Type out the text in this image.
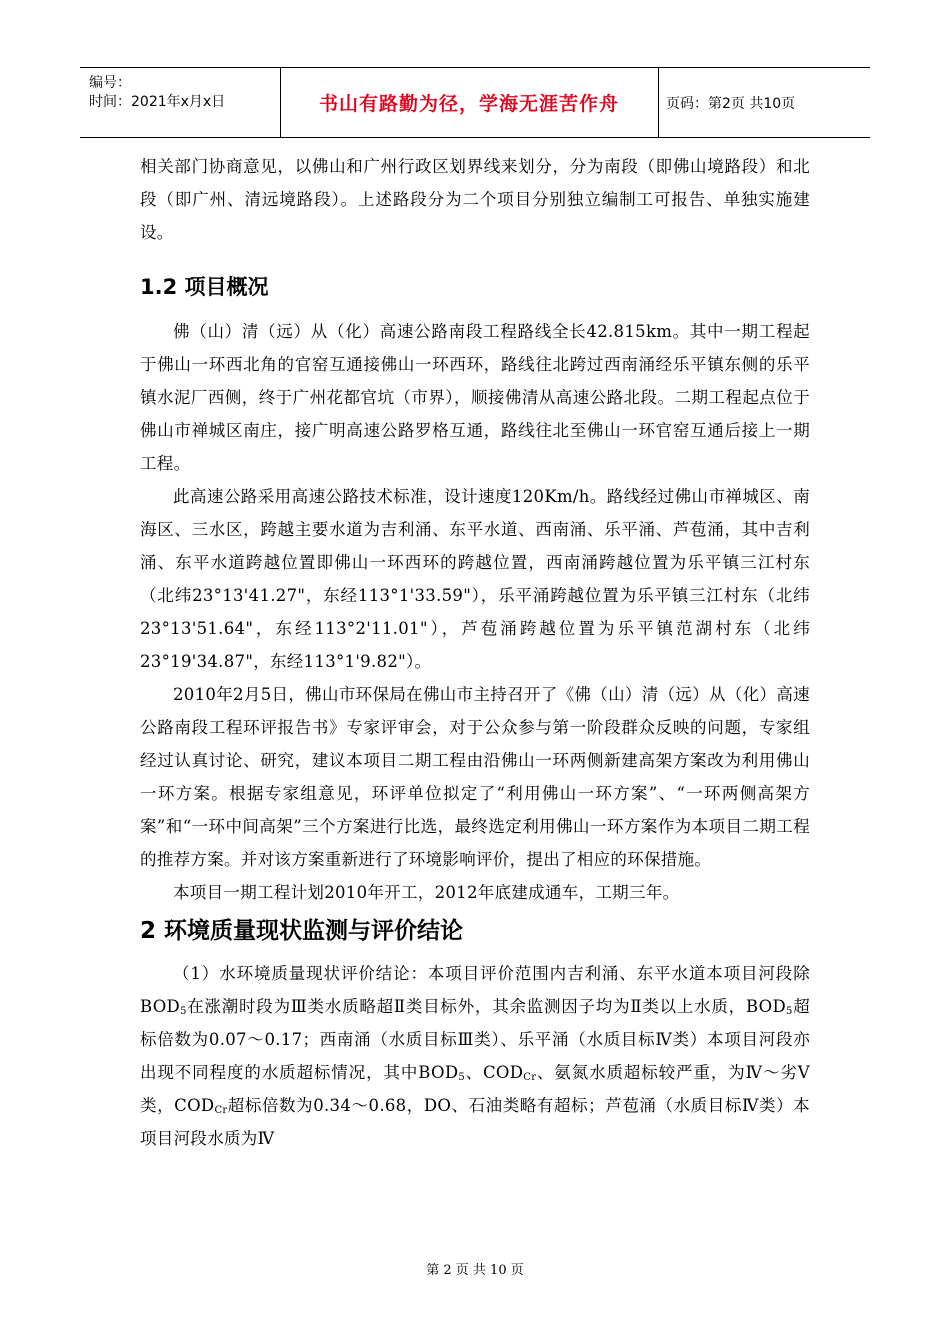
编号：
时间：2021年x月x日	书山有路勤为径，学海无涯苦作舟	页码：第2页 共10页

相关部门协商意见，以佛山和广州行政区划界线来划分，分为南段（即佛山境路段）和北段（即广州、清远境路段）。上述路段分为二个项目分别独立编制工可报告、单独实施建设。

1.2 项目概况

佛（山）清（远）从（化）高速公路南段工程路线全长42.815km。其中一期工程起于佛山一环西北角的官窑互通接佛山一环西环，路线往北跨过西南涌经乐平镇东侧的乐平镇水泥厂西侧，终于广州花都官坑（市界），顺接佛清从高速公路北段。二期工程起点位于佛山市禅城区南庄，接广明高速公路罗格互通，路线往北至佛山一环官窑互通后接上一期工程。

此高速公路采用高速公路技术标准，设计速度120Km/h。路线经过佛山市禅城区、南海区、三水区，跨越主要水道为吉利涌、东平水道、西南涌、乐平涌、芦苞涌，其中吉利涌、东平水道跨越位置即佛山一环西环的跨越位置，西南涌跨越位置为乐平镇三江村东（北纬23°13'41.27"，东经113°1'33.59"），乐平涌跨越位置为乐平镇三江村东（北纬23°13'51.64"，东经113°2'11.01"），芦苞涌跨越位置为乐平镇范湖村东（北纬23°19'34.87"，东经113°1'9.82"）。

2010年2月5日，佛山市环保局在佛山市主持召开了《佛（山）清（远）从（化）高速公路南段工程环评报告书》专家评审会，对于公众参与第一阶段群众反映的问题，专家组经过认真讨论、研究，建议本项目二期工程由沿佛山一环两侧新建高架方案改为利用佛山一环方案。根据专家组意见，环评单位拟定了“利用佛山一环方案”、“一环两侧高架方案”和“一环中间高架”三个方案进行比选，最终选定利用佛山一环方案作为本项目二期工程的推荐方案。并对该方案重新进行了环境影响评价，提出了相应的环保措施。

本项目一期工程计划2010年开工，2012年底建成通车，工期三年。

2 环境质量现状监测与评价结论

（1）水环境质量现状评价结论：本项目评价范围内吉利涌、东平水道本项目河段除$BOD_5$在涨潮时段为Ⅲ类水质略超Ⅱ类目标外，其余监测因子均为Ⅱ类以上水质，$BOD_5$超标倍数为0.07～0.17；西南涌（水质目标Ⅲ类）、乐平涌（水质目标Ⅳ类）本项目河段亦出现不同程度的水质超标情况，其中$BOD_5$、$COD_{Cr}$、氨氮水质超标较严重，为Ⅳ～劣Ⅴ类，$COD_{Cr}$超标倍数为0.34～0.68，DO、石油类略有超标；芦苞涌（水质目标Ⅳ类）本项目河段水质为Ⅳ

第 2 页 共 10 页
